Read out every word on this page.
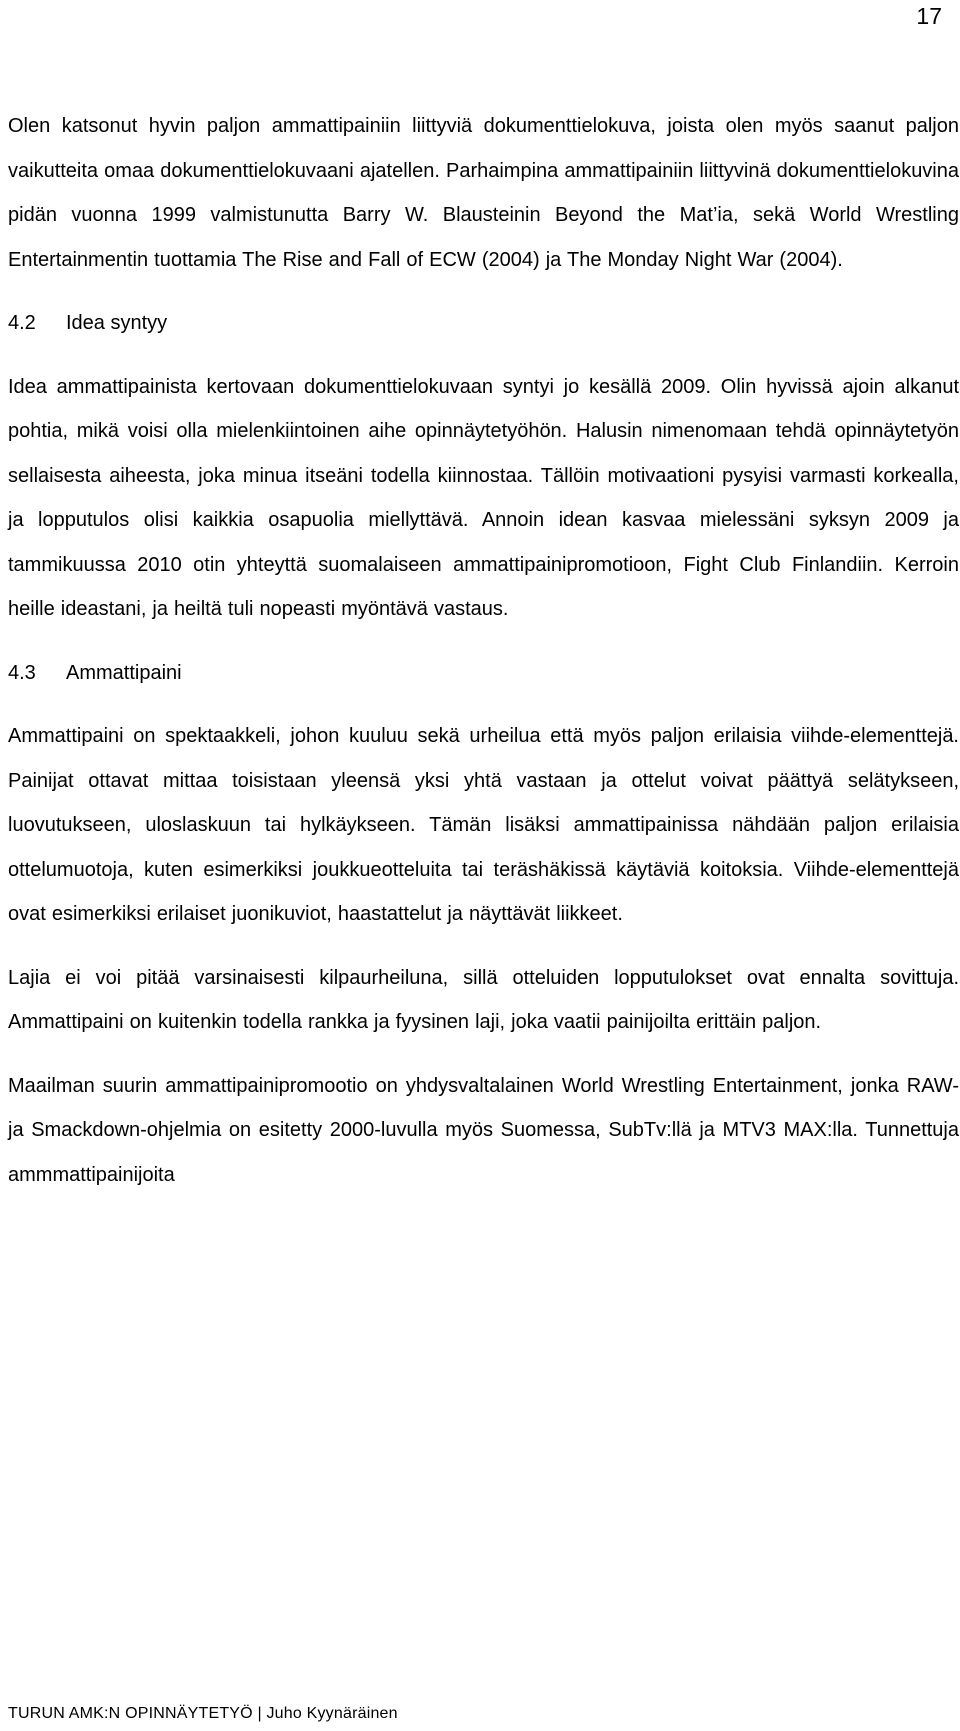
17

Olen katsonut hyvin paljon ammattipainiin liittyviä dokumenttielokuva, joista olen myös saanut paljon vaikutteita omaa dokumenttielokuvaani ajatellen. Parhaimpina ammattipainiin liittyvinä dokumenttielokuvina pidän vuonna 1999 valmistunutta Barry W. Blausteinin Beyond the Mat’ia, sekä World Wrestling Entertainmentin tuottamia The Rise and Fall of ECW (2004) ja The Monday Night War (2004).

4.2 Idea syntyy

Idea ammattipainista kertovaan dokumenttielokuvaan syntyi jo kesällä 2009. Olin hyvissä ajoin alkanut pohtia, mikä voisi olla mielenkiintoinen aihe opinnäytetyöhön. Halusin nimenomaan tehdä opinnäytetyön sellaisesta aiheesta, joka minua itseäni todella kiinnostaa. Tällöin motivaationi pysyisi varmasti korkealla, ja lopputulos olisi kaikkia osapuolia miellyttävä. Annoin idean kasvaa mielessäni syksyn 2009 ja tammikuussa 2010 otin yhteyttä suomalaiseen ammattipainipromotioon, Fight Club Finlandiin. Kerroin heille ideastani, ja heiltä tuli nopeasti myöntävä vastaus.

4.3 Ammattipaini

Ammattipaini on spektaakkeli, johon kuuluu sekä urheilua että myös paljon erilaisia viihde-elementtejä. Painijat ottavat mittaa toisistaan yleensä yksi yhtä vastaan ja ottelut voivat päättyä selätykseen, luovutukseen, uloslaskuun tai hylkäykseen. Tämän lisäksi ammattipainissa nähdään paljon erilaisia ottelumuotoja, kuten esimerkiksi joukkueotteluita tai teräshäkissä käytäviä koitoksia. Viihde-elementtejä ovat esimerkiksi erilaiset juonikuviot, haastattelut ja näyttävät liikkeet.

Lajia ei voi pitää varsinaisesti kilpaurheiluna, sillä otteluiden lopputulokset ovat ennalta sovittuja. Ammattipaini on kuitenkin todella rankka ja fyysinen laji, joka vaatii painijoilta erittäin paljon.

Maailman suurin ammattipainipromootio on yhdysvaltalainen World Wrestling Entertainment, jonka RAW- ja Smackdown-ohjelmia on esitetty 2000-luvulla myös Suomessa, SubTv:llä ja MTV3 MAX:lla. Tunnettuja ammmattipainijoita

TURUN AMK:N OPINNÄYTETYÖ | Juho Kyynäräinen
